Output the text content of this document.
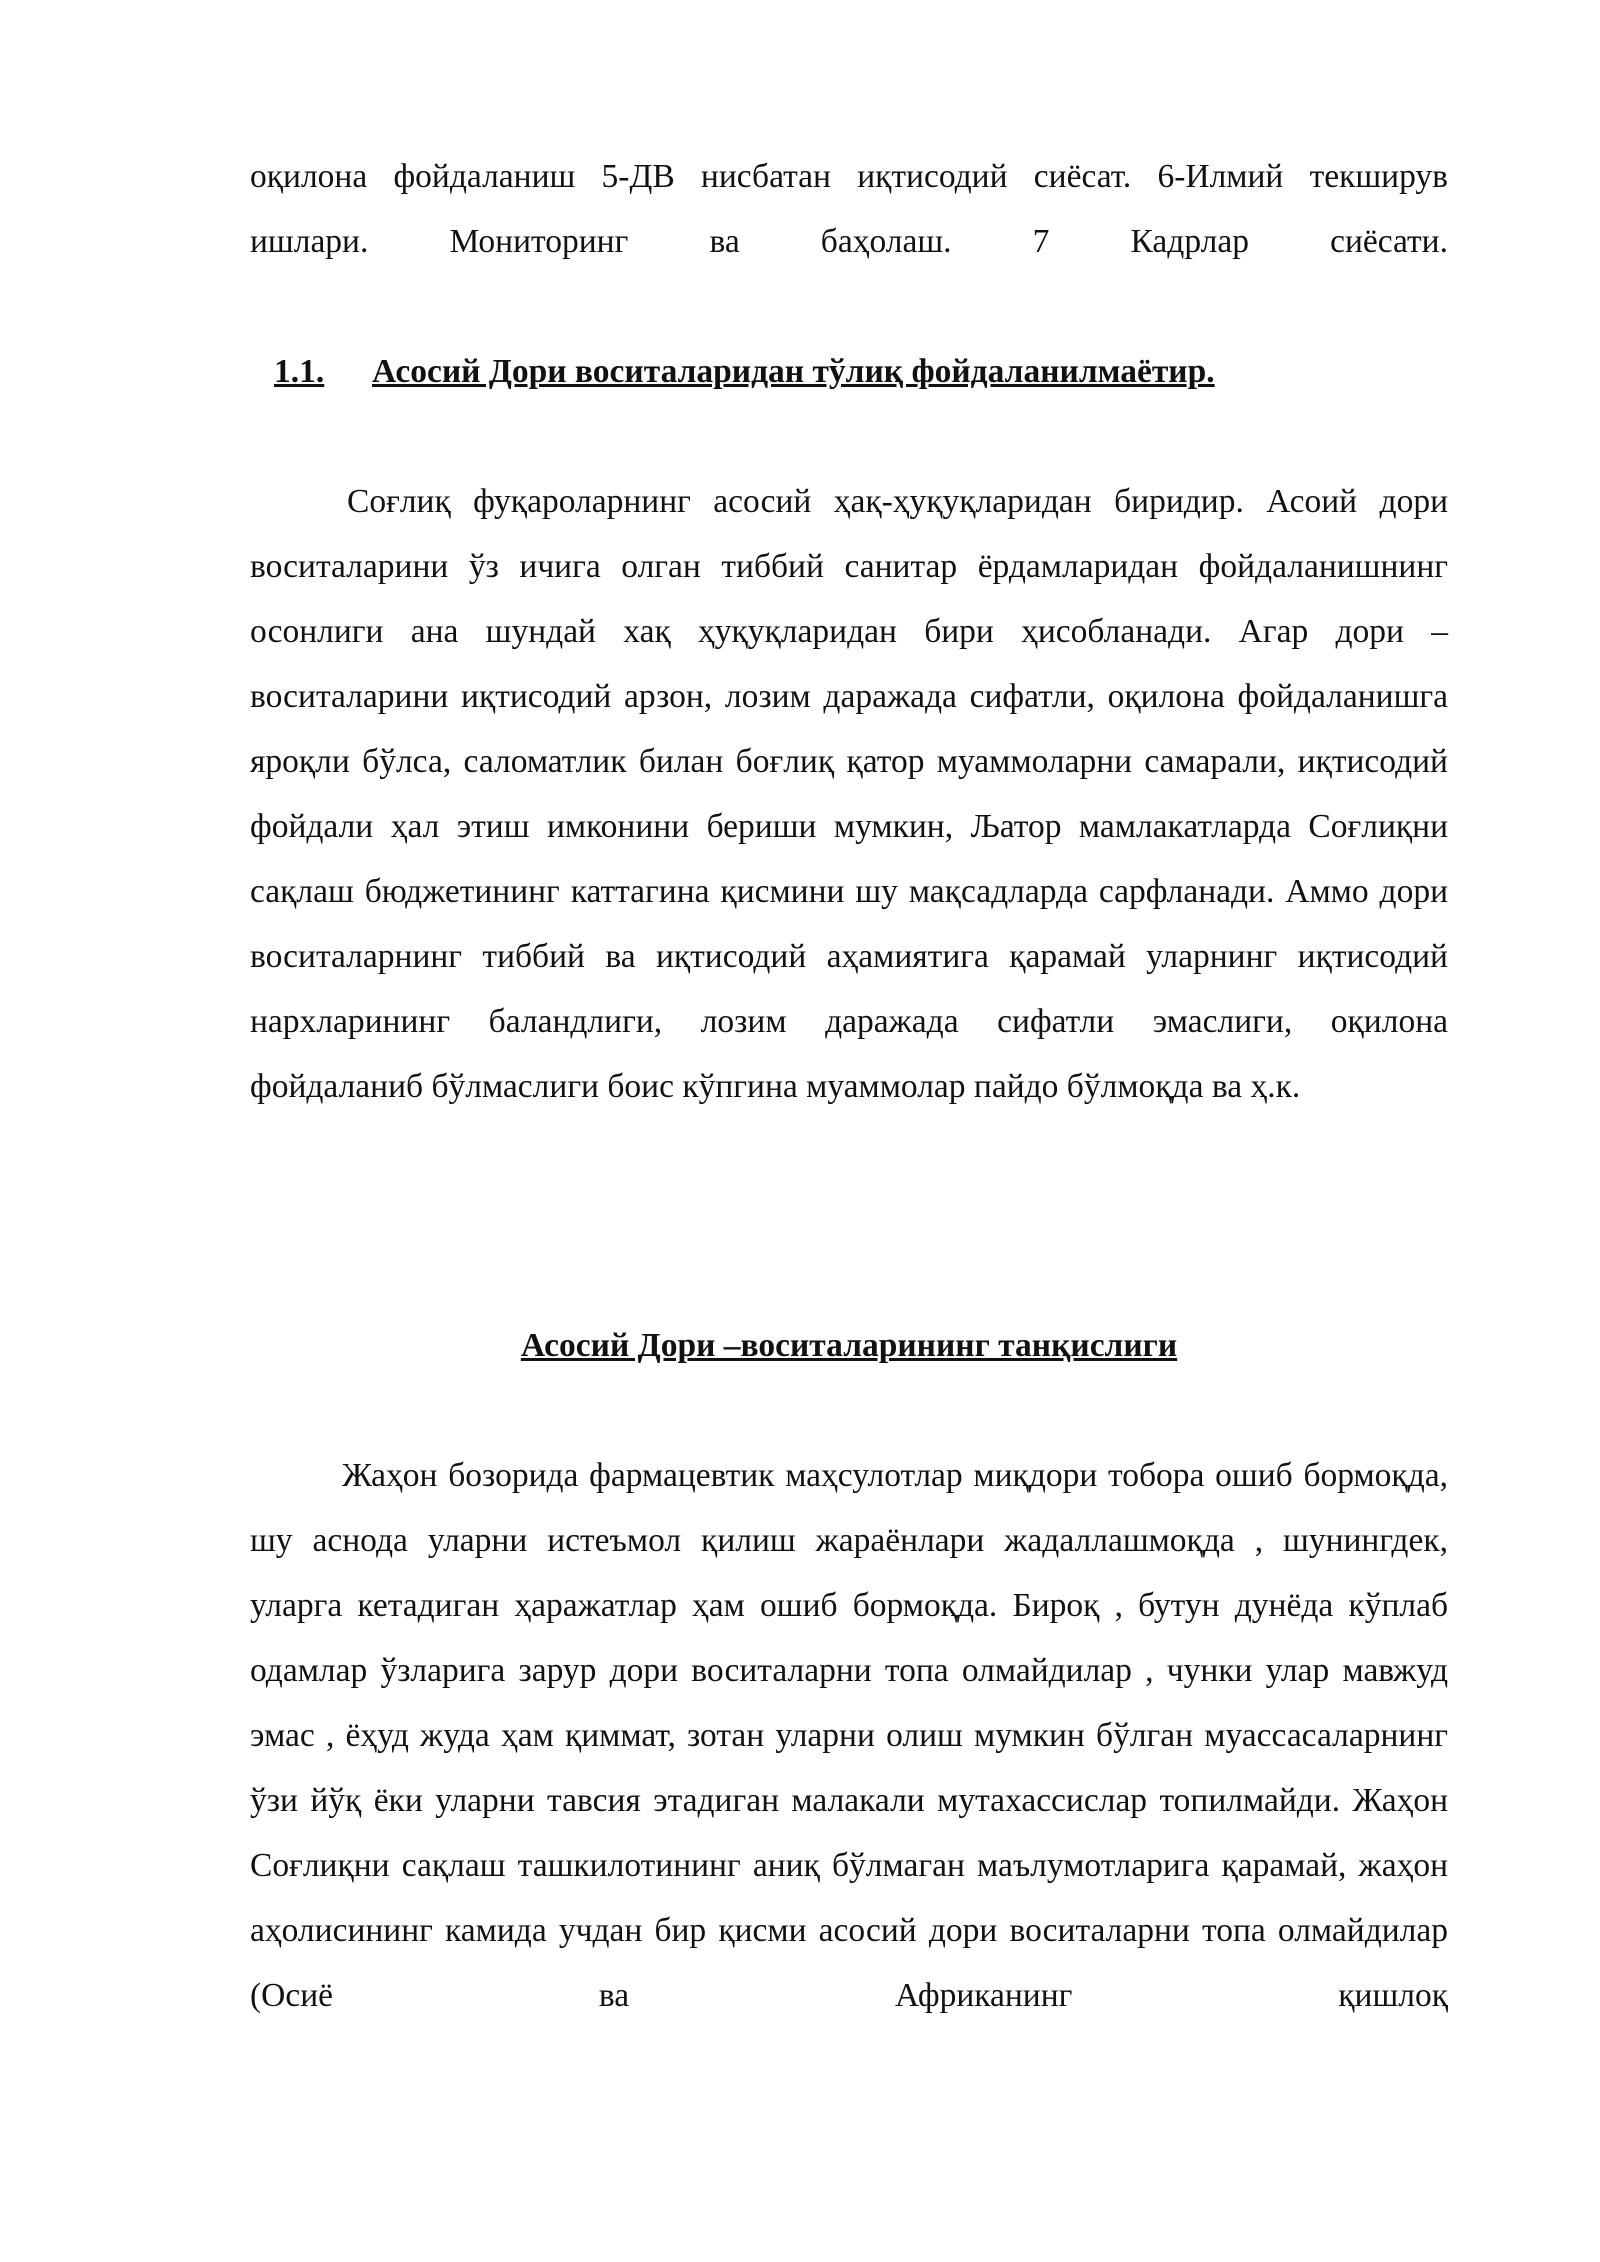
оқилона фойдаланиш 5-ДВ нисбатан иқтисодий сиёсат. 6-Илмий текширув ишлари. Мониторинг ва баҳолаш. 7 Кадрлар сиёсати.

1.1.	Асосий Дори воситаларидан тўлиқ фойдаланилмаётир.

Соғлиқ фуқароларнинг асосий ҳақ-ҳуқуқларидан биридир. Асоий дори воситаларини ўз ичига олган тиббий санитар ёрдамларидан фойдаланишнинг осонлиги ана шундай хақ ҳуқуқларидан бири ҳисобланади. Агар дори –воситаларини иқтисодий арзон, лозим даражада сифатли, оқилона фойдаланишга яроқли бўлса, саломатлик билан боғлиқ қатор муаммоларни самарали, иқтисодий фойдали ҳал этиш имконини бериши мумкин, Љатор мамлакатларда Соғлиқни сақлаш бюджетининг каттагина қисмини шу мақсадларда сарфланади. Аммо дори воситаларнинг тиббий ва иқтисодий аҳамиятига қарамай уларнинг иқтисодий нархларининг баландлиги, лозим даражада сифатли эмаслиги, оқилона фойдаланиб бўлмаслиги боис кўпгина муаммолар пайдо бўлмоқда ва ҳ.к.

Асосий Дори –воситаларининг танқислиги

Жаҳон бозорида фармацевтик маҳсулотлар миқдори тобора ошиб бормоқда, шу аснода уларни истеъмол қилиш жараёнлари жадаллашмоқда , шунингдек, уларга кетадиган ҳаражатлар ҳам ошиб бормоқда. Бироқ , бутун дунёда кўплаб одамлар ўзларига зарур дори воситаларни топа олмайдилар , чунки улар мавжуд эмас , ёҳуд жуда ҳам қиммат, зотан уларни олиш мумкин бўлган муассасаларнинг ўзи йўқ ёки уларни тавсия этадиган малакали мутахассислар топилмайди. Жаҳон Соғлиқни сақлаш ташкилотининг аниқ бўлмаган маълумотларига қарамай, жаҳон аҳолисининг камида учдан бир қисми асосий дори воситаларни топа олмайдилар (Осиё ва Африканинг қишлоқ
